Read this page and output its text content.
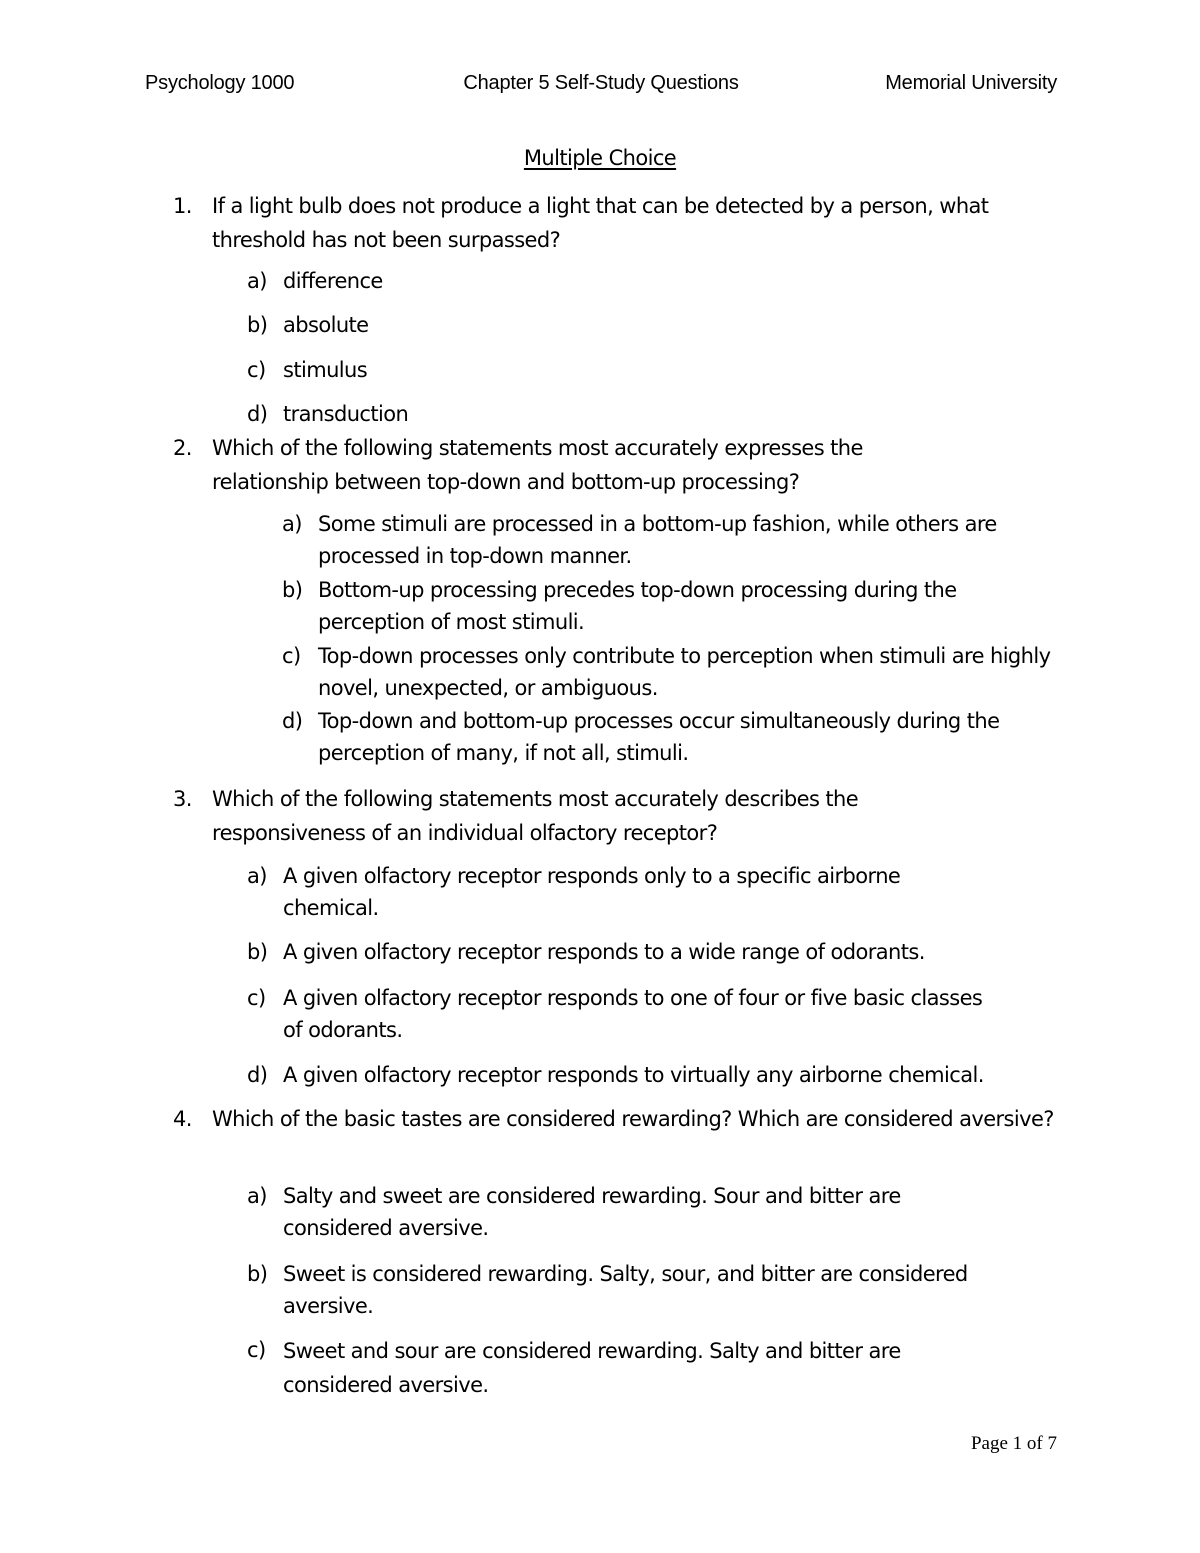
Psychology 1000	Chapter 5 Self-Study Questions	Memorial University
Multiple Choice
1. If a light bulb does not produce a light that can be detected by a person, what threshold has not been surpassed?
a) difference
b) absolute
c) stimulus
d) transduction
2. Which of the following statements most accurately expresses the relationship between top-down and bottom-up processing?
a) Some stimuli are processed in a bottom-up fashion, while others are processed in top-down manner.
b) Bottom-up processing precedes top-down processing during the perception of most stimuli.
c) Top-down processes only contribute to perception when stimuli are highly novel, unexpected, or ambiguous.
d) Top-down and bottom-up processes occur simultaneously during the perception of many, if not all, stimuli.
3. Which of the following statements most accurately describes the responsiveness of an individual olfactory receptor?
a) A given olfactory receptor responds only to a specific airborne chemical.
b) A given olfactory receptor responds to a wide range of odorants.
c) A given olfactory receptor responds to one of four or five basic classes of odorants.
d) A given olfactory receptor responds to virtually any airborne chemical.
4. Which of the basic tastes are considered rewarding? Which are considered aversive?
a) Salty and sweet are considered rewarding. Sour and bitter are considered aversive.
b) Sweet is considered rewarding. Salty, sour, and bitter are considered aversive.
c) Sweet and sour are considered rewarding. Salty and bitter are considered aversive.
Page 1 of 7
